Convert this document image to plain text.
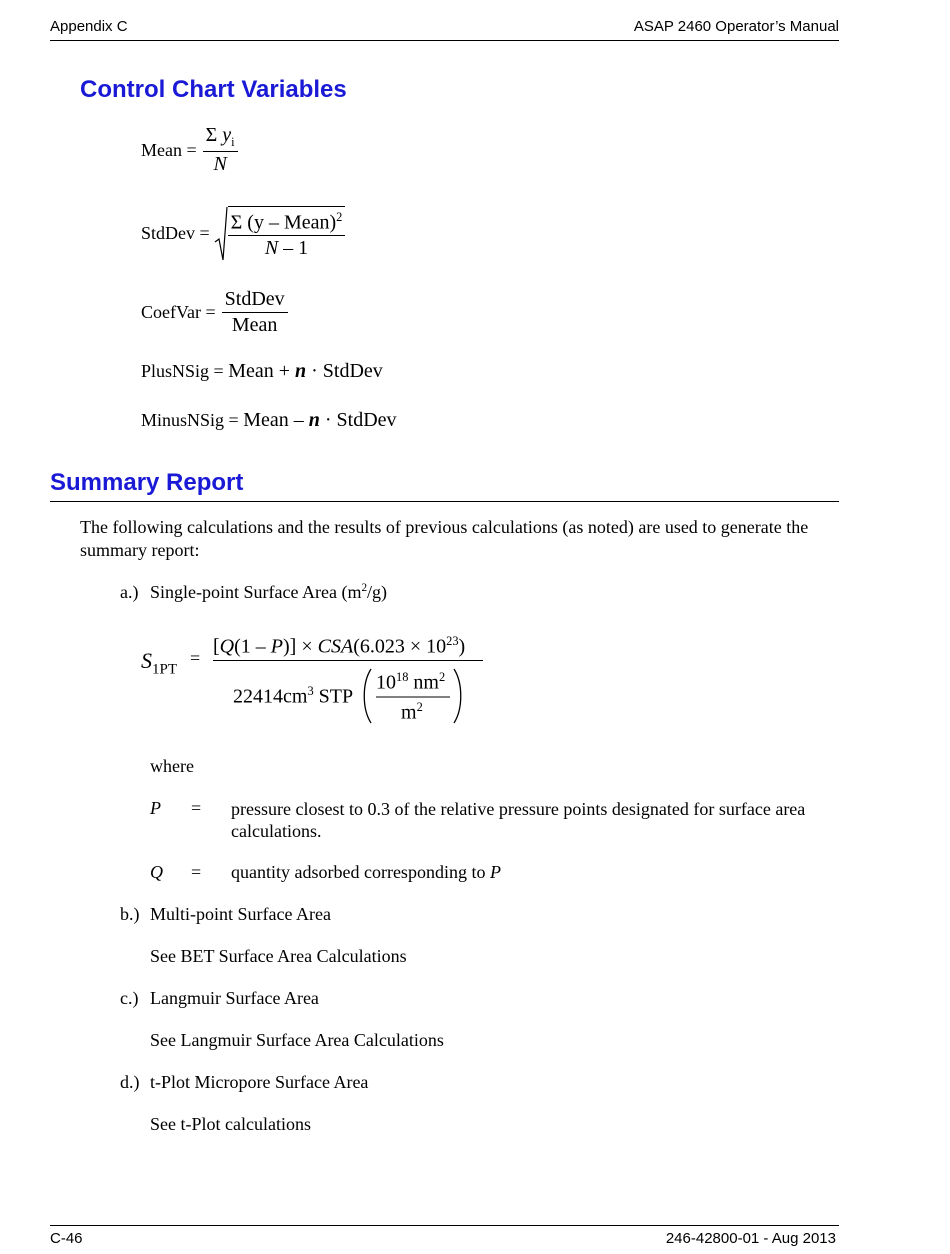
Appendix C	ASAP 2460 Operator’s Manual
Control Chart Variables
Mean = $\frac{\Sigma y_i}{N}$
StdDev = $\frac{\Sigma (y - Mean)^2}{N - 1}$
CoefVar = $\frac{\text{StdDev}}{\text{Mean}}$
PlusNSig = Mean + n · StdDev
MinusNSig = Mean – n · StdDev
Summary Report
The following calculations and the results of previous calculations (as noted) are used to generate the summary report:
a.) Single-point Surface Area $(m^2/g)$
$S_{1PT}$
=
$[Q(1 - P)] \times CSA(6.023 \times 10^{23})$
$22414cm^3$ STP
$10^{18}$ $nm^2$
$m^2$
where
P = pressure closest to 0.3 of the relative pressure points designated for surface area calculations.
Q = quantity adsorbed corresponding to P
b.) Multi-point Surface Area
See BET Surface Area Calculations
c.) Langmuir Surface Area
See Langmuir Surface Area Calculations
d.) t-Plot Micropore Surface Area
See t-Plot calculations
C-46	246-42800-01 - Aug 2013
